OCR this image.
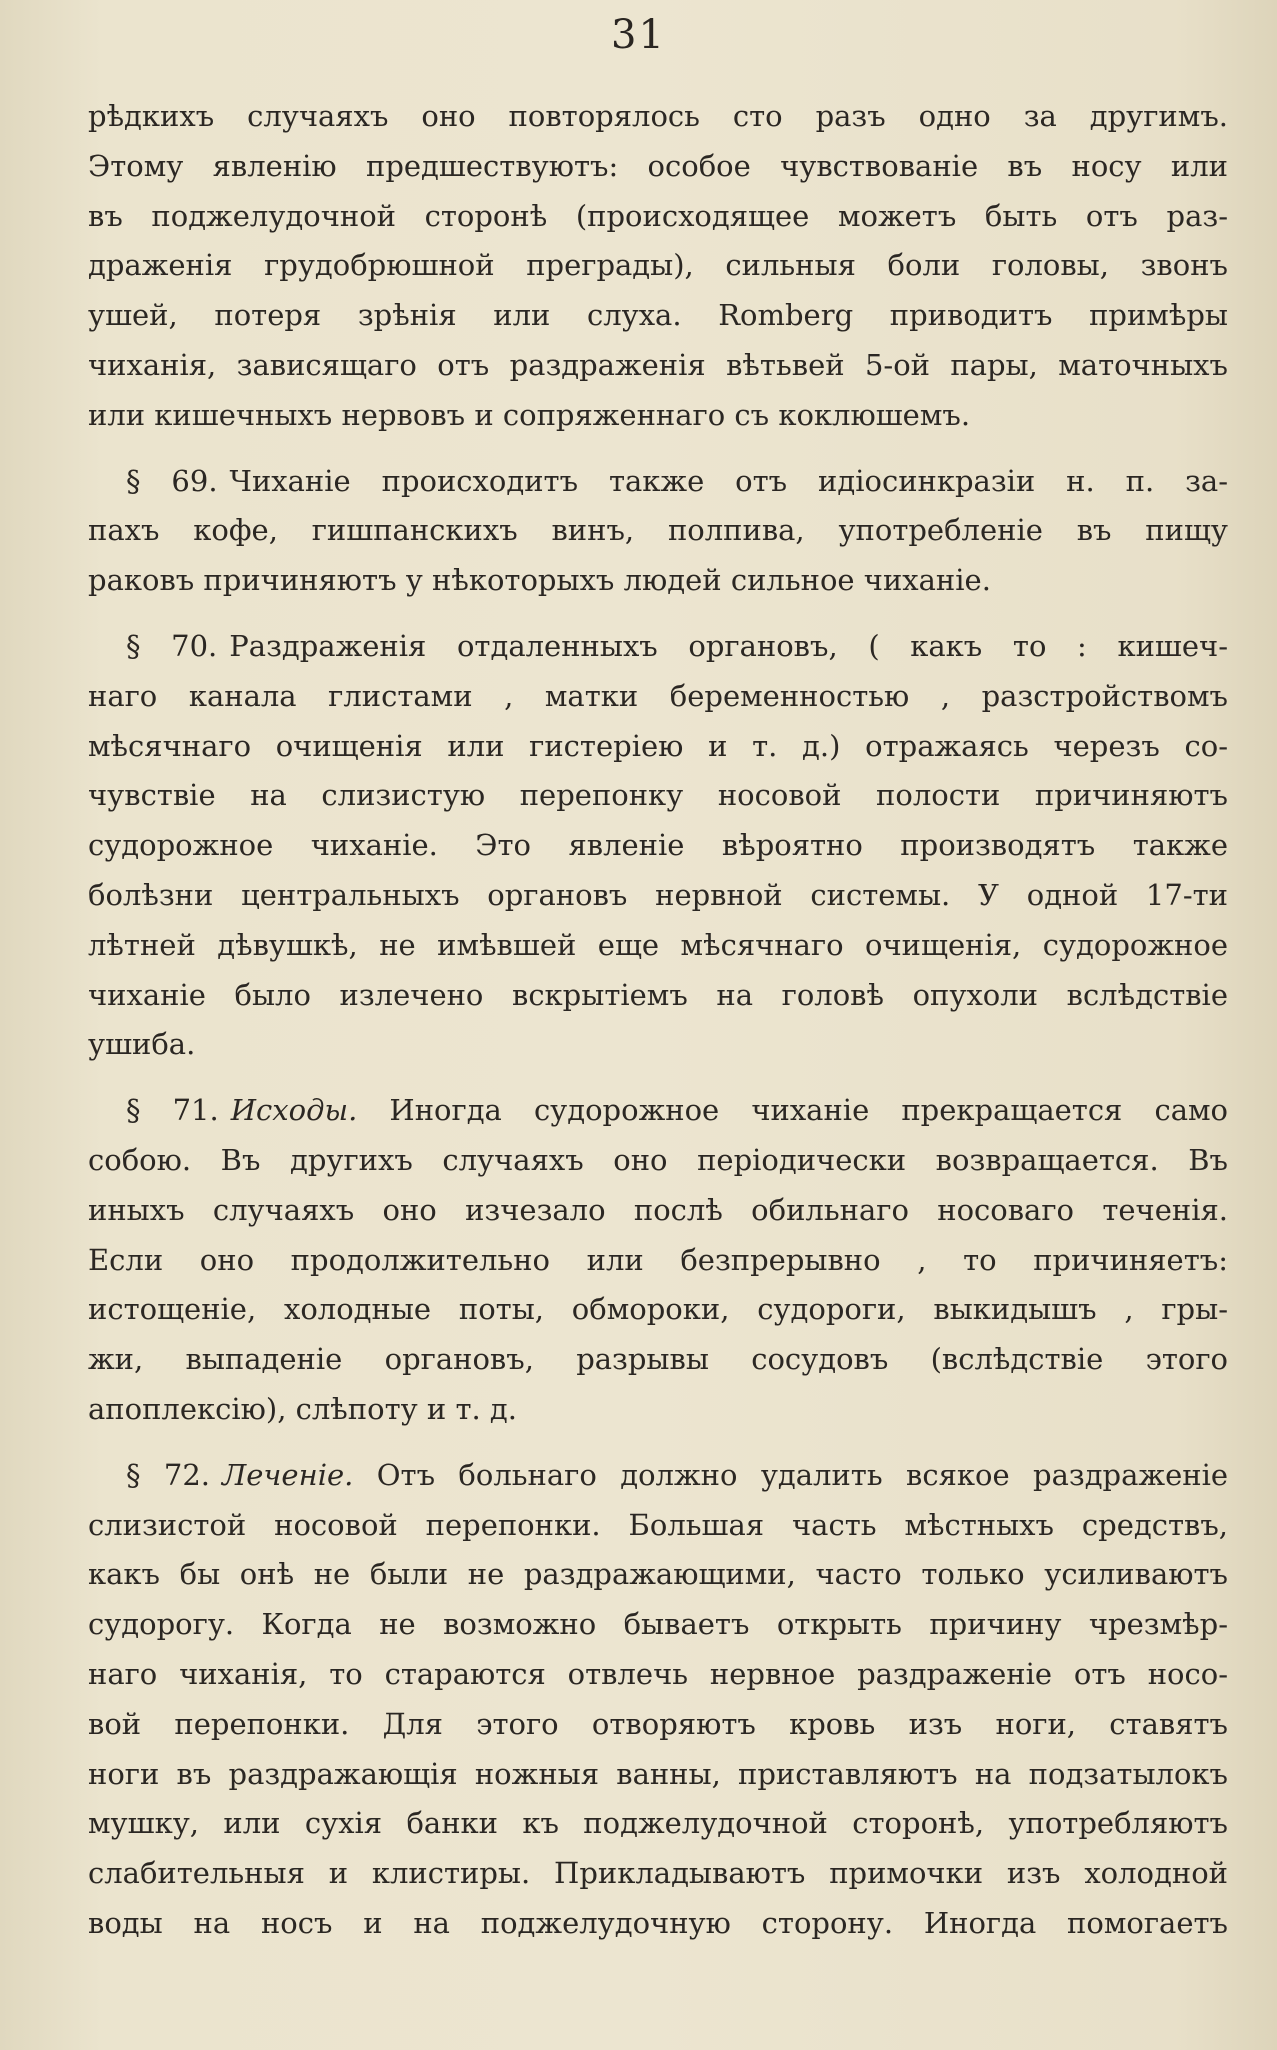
31
рѣдкихъ случаяхъ оно повторялось сто разъ одно за другимъ.
Этому явленію предшествуютъ: особое чувствованіе въ носу или
въ поджелудочной сторонѣ (происходящее можетъ быть отъ раз-
драженія грудобрюшной преграды), сильныя боли головы, звонъ
ушей, потеря зрѣнія или слуха. Romberg приводитъ примѣры
чиханія, зависящаго отъ раздраженія вѣтьвей 5-ой пары, маточныхъ
или кишечныхъ нервовъ и сопряженнаго съ коклюшемъ.
§ 69. Чиханіе происходитъ также отъ идіосинкразіи н. п. за-
пахъ кофе, гишпанскихъ винъ, полпива, употребленіе въ пищу
раковъ причиняютъ у нѣкоторыхъ людей сильное чиханіе.
§ 70. Раздраженія отдаленныхъ органовъ, ( какъ то : кишеч-
наго канала глистами , матки беременностью , разстройствомъ
мѣсячнаго очищенія или гистеріею и т. д.) отражаясь черезъ со-
чувствіе на слизистую перепонку носовой полости причиняютъ
судорожное чиханіе. Это явленіе вѣроятно производятъ также
болѣзни центральныхъ органовъ нервной системы. У одной 17-ти
лѣтней дѣвушкѣ, не имѣвшей еще мѣсячнаго очищенія, судорожное
чиханіе было излечено вскрытіемъ на головѣ опухоли вслѣдствіе
ушиба.
§ 71. Исходы. Иногда судорожное чиханіе прекращается само
собою. Въ другихъ случаяхъ оно періодически возвращается. Въ
иныхъ случаяхъ оно изчезало послѣ обильнаго носоваго теченія.
Если оно продолжительно или безпрерывно , то причиняетъ:
истощеніе, холодные поты, обмороки, судороги, выкидышъ , гры-
жи, выпаденіе органовъ, разрывы сосудовъ (вслѣдствіе этого
апоплексію), слѣпоту и т. д.
§ 72. Леченіе. Отъ больнаго должно удалить всякое раздраженіе
слизистой носовой перепонки. Большая часть мѣстныхъ средствъ,
какъ бы онѣ не были не раздражающими, часто только усиливаютъ
судорогу. Когда не возможно бываетъ открыть причину чрезмѣр-
наго чиханія, то стараются отвлечь нервное раздраженіе отъ носо-
вой перепонки. Для этого отворяютъ кровь изъ ноги, ставятъ
ноги въ раздражающія ножныя ванны, приставляютъ на подзатылокъ
мушку, или сухія банки къ поджелудочной сторонѣ, употребляютъ
слабительныя и клистиры. Прикладываютъ примочки изъ холодной
воды на носъ и на поджелудочную сторону. Иногда помогаетъ
